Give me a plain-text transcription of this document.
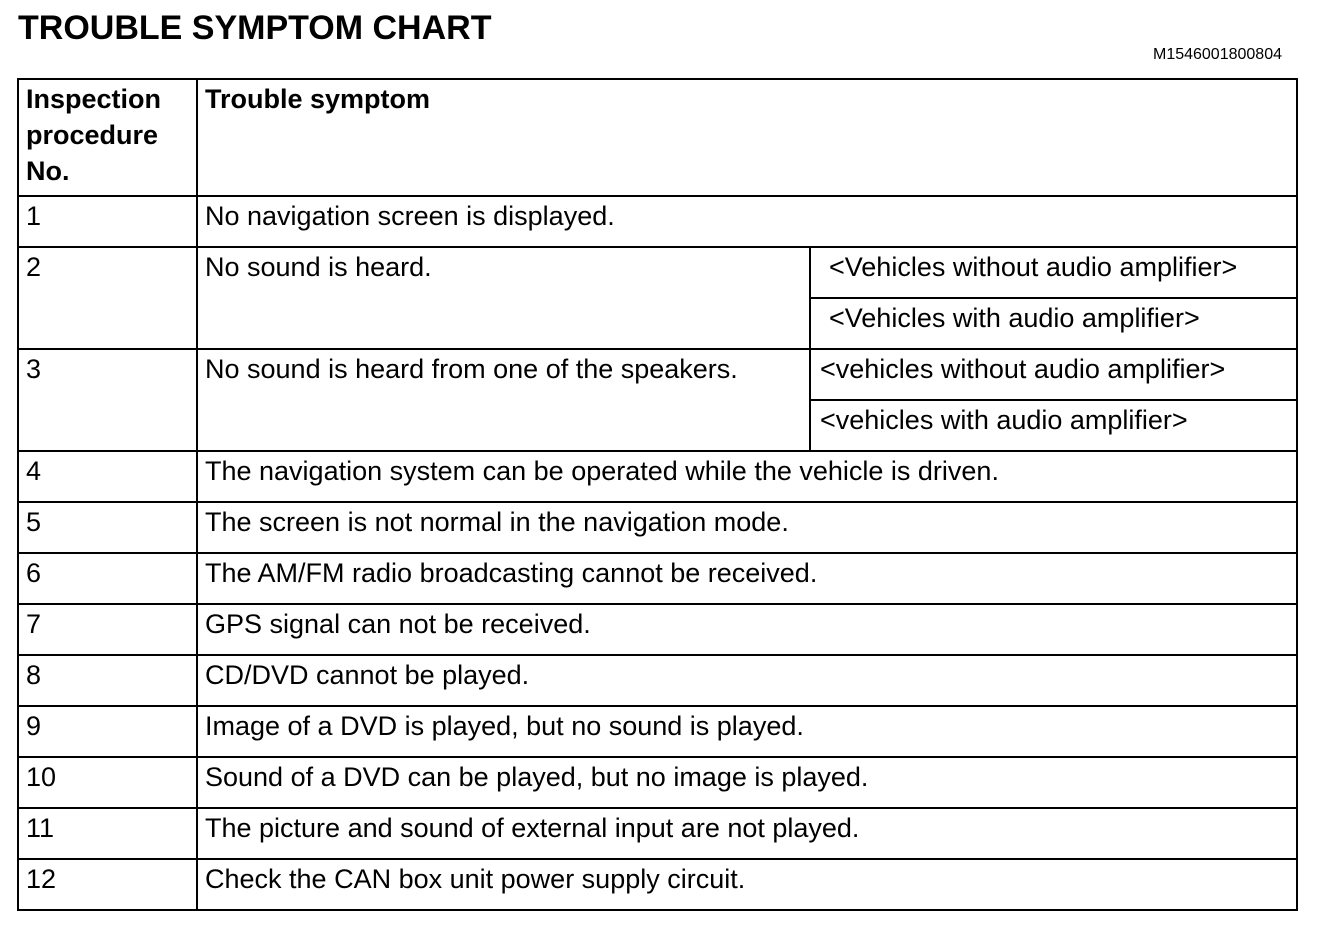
TROUBLE SYMPTOM CHART
M1546001800804
Inspection procedure No.	Trouble symptom	
1	No navigation screen is displayed.	
2	No sound is heard.	<Vehicles without audio amplifier>
		<Vehicles with audio amplifier>
3	No sound is heard from one of the speakers.	<vehicles without audio amplifier>
		<vehicles with audio amplifier>
4	The navigation system can be operated while the vehicle is driven.	
5	The screen is not normal in the navigation mode.	
6	The AM/FM radio broadcasting cannot be received.	
7	GPS signal can not be received.	
8	CD/DVD cannot be played.	
9	Image of a DVD is played, but no sound is played.	
10	Sound of a DVD can be played, but no image is played.	
11	The picture and sound of external input are not played.	
12	Check the CAN box unit power supply circuit.	
